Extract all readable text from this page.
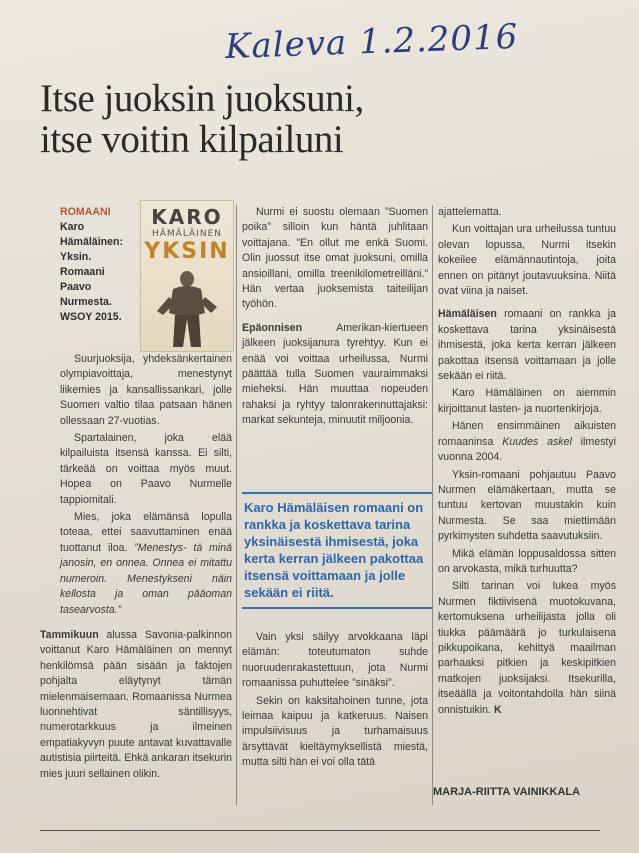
Kaleva 1.2.2016
Itse juoksin juoksuni,
itse voitin kilpailuni
ROMAANI
Karo Hämäläinen: Yksin. Romaani Paavo Nurmesta. WSOY 2015.
KARO
HÄMÄLÄINEN
YKSIN

Suurjuoksija, yhdeksänkertainen olympiavoittaja, menestynyt liikemies ja kansallissankari, jolle Suomen valtio tilaa patsaan hänen ollessaan 27-vuotias.

Spartalainen, joka elää kilpailuista itsensä kanssa. Ei silti, tärkeää on voittaa myös muut. Hopea on Paavo Nurmelle tappiomitali.

Mies, joka elämänsä lopulla toteaa, ettei saavuttaminen enää tuottanut iloa. ”Menestys- tä minä janosin, en onnea. Onnea ei mitattu numeroin. Menestykseni näin kellosta ja oman pääoman tasearvosta.”

Tammikuun alussa Savonia-palkinnon voittanut Karo Hämäläinen on mennyt henkilömsä pään sisään ja faktojen pohjalta eläytynyt tämän mielenmaisemaan. Romaanissa Nurmea luonnehtivat säntillisyys, numerotarkkuus ja ilmeinen empatiakyvyn puute antavat kuvattavalle autistisia piirteitä. Ehkä ankaran itsekurin mies juuri sellainen olikin.

Nurmi ei suostu olemaan ”Suomen poika” silloin kun häntä juhlitaan voittajana. ”En ollut me enkä Suomi. Olin juossut itse omat juoksuni, omilla ansioillani, omilla treenikilometreilläni.” Hän vertaa juoksemista taiteilijan työhön.

Epäonnisen Amerikan-kiertueen jälkeen juoksijanura tyrehtyy. Kun ei enää voi voittaa urheilussa, Nurmi päättää tulla Suomen vauraimmaksi mieheksi. Hän muuttaa nopeuden rahaksi ja ryhtyy talonrakennuttajaksi: markat sekunteja, minuutit miljoonia.

Karo Hämäläisen romaani on rankka ja koskettava tarina yksinäisestä ihmisestä, joka kerta kerran jälkeen pakottaa itsensä voittamaan ja jolle sekään ei riitä.

Vain yksi säilyy arvokkaana läpi elämän: toteutumaton suhde nuoruudenrakastettuun, jota Nurmi romaanissa puhuttelee ”sinäksi”.

Sekin on kaksitahoinen tunne, jota leimaa kaipuu ja katkeruus. Naisen impulsiivisuus ja turhamaisuus ärsyttävät kieltäymyksellistä miestä, mutta silti hän ei voi olla tätä

ajattelematta.

Kun voittajan ura urheilussa tuntuu olevan lopussa, Nurmi itsekin kokeilee elämännautintoja, joita ennen on pitänyt joutavuuksina. Niitä ovat viina ja naiset.

Hämäläisen romaani on rankka ja koskettava tarina yksinäisestä ihmisestä, joka kerta kerran jälkeen pakottaa itsensä voittamaan ja jolle sekään ei riitä.

Karo Hämäläinen on aiemmin kirjoittanut lasten- ja nuortenkirjoja.

Hänen ensimmäinen aikuisten romaaninsa Kuudes askel ilmestyi vuonna 2004.

Yksin-romaani pohjautuu Paavo Nurmen elämäkertaan, mutta se tuntuu kertovan muustakin kuin Nurmesta. Se saa miettimään pyrkimysten suhdetta saavutuksiin.

Mikä elämän loppusaldossa sitten on arvokasta, mikä turhuutta?

Silti tarinan voi lukea myös Nurmen fiktiivisenä muotokuvana, kertomuksena urheilijasta jolla oli tiukka päämäärä jo turkulaisena pikkupoikana, kehittyä maailman parhaaksi pitkien ja keskipitkien matkojen juoksijaksi. Itsekurilla, itseäällä ja voitontahdolla hän siinä onnistuikin. K

MARJA-RIITTA VAINIKKALA
